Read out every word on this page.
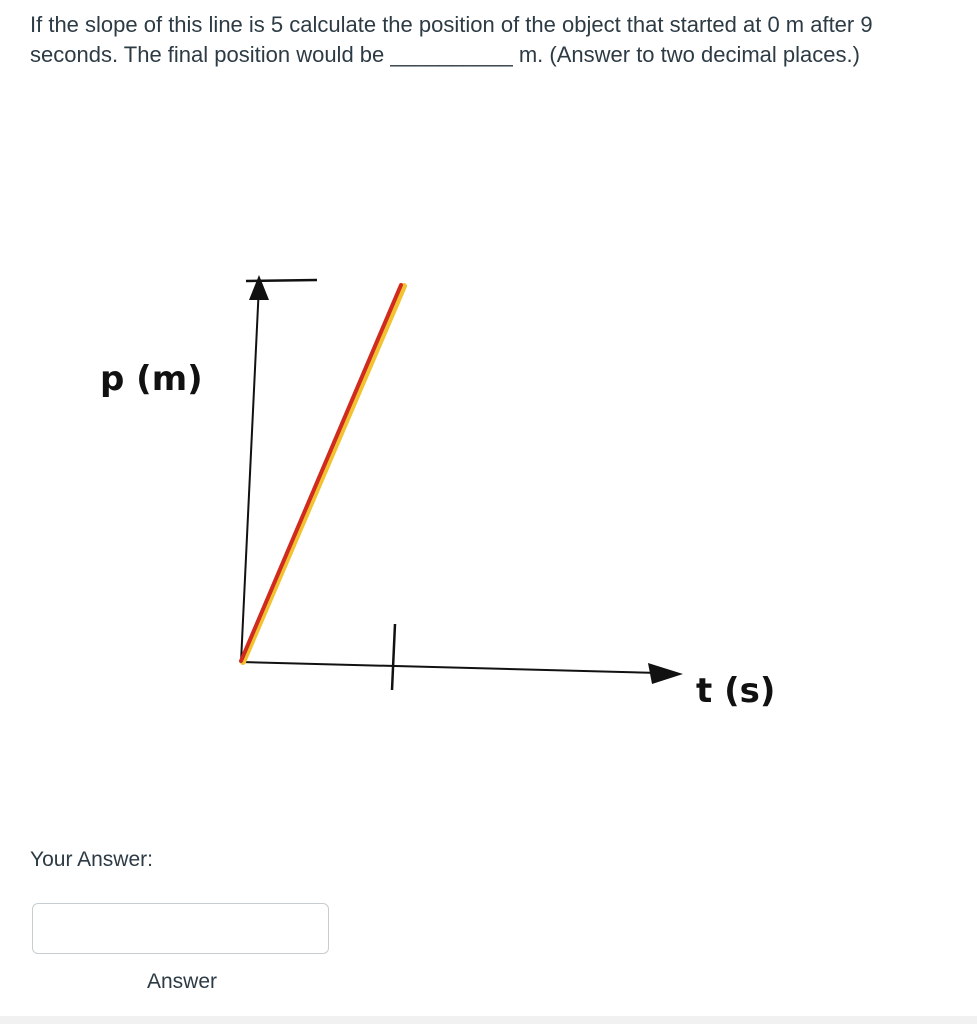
If the slope of this line is 5 calculate the position of the object that started at 0 m after 9 seconds. The final position would be __________ m. (Answer to two decimal places.)
p (m)
t (s)
Your Answer:
Answer
